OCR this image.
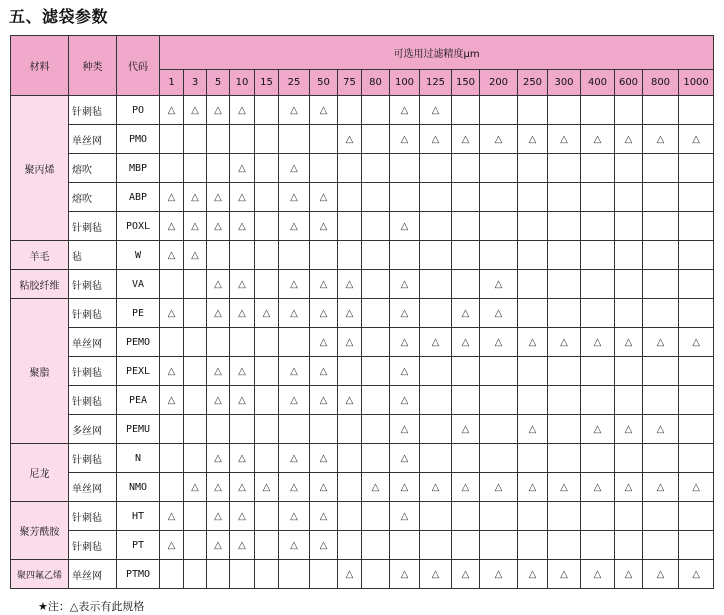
五、滤袋参数
材料	种类	代码	可选用过滤精度μm																		
			1	3	5	10	15	25	50	75	80	100	125	150	200	250	300	400	600	800	1000
聚丙烯	针刺毡	PO	△	△	△	△		△	△			△	△								
	单丝网	PMO								△		△	△	△	△	△	△	△	△	△	△
	熔吹	MBP				△		△													
	熔吹	ABP	△	△	△	△		△	△												
	针刺毡	POXL	△	△	△	△		△	△			△									
羊毛	毡	W	△	△																	
粘胶纤维	针刺毡	VA			△	△		△	△	△		△			△						
聚脂	针刺毡	PE	△		△	△	△	△	△	△		△		△	△						
	单丝网	PEMO							△	△		△	△	△	△	△	△	△	△	△	△
	针刺毡	PEXL	△		△	△		△	△			△									
	针刺毡	PEA	△		△	△		△	△	△		△									
	多丝网	PEMU										△		△		△		△	△	△	
尼龙	针刺毡	N			△	△		△	△			△									
	单丝网	NMO		△	△	△	△	△	△		△	△	△	△	△	△	△	△	△	△	△
聚芳酰胺	针刺毡	HT	△		△	△		△	△			△									
	针刺毡	PT	△		△	△		△	△												
聚四氟乙烯	单丝网	PTMO								△		△	△	△	△	△	△	△	△	△	△
★注：△表示有此规格
